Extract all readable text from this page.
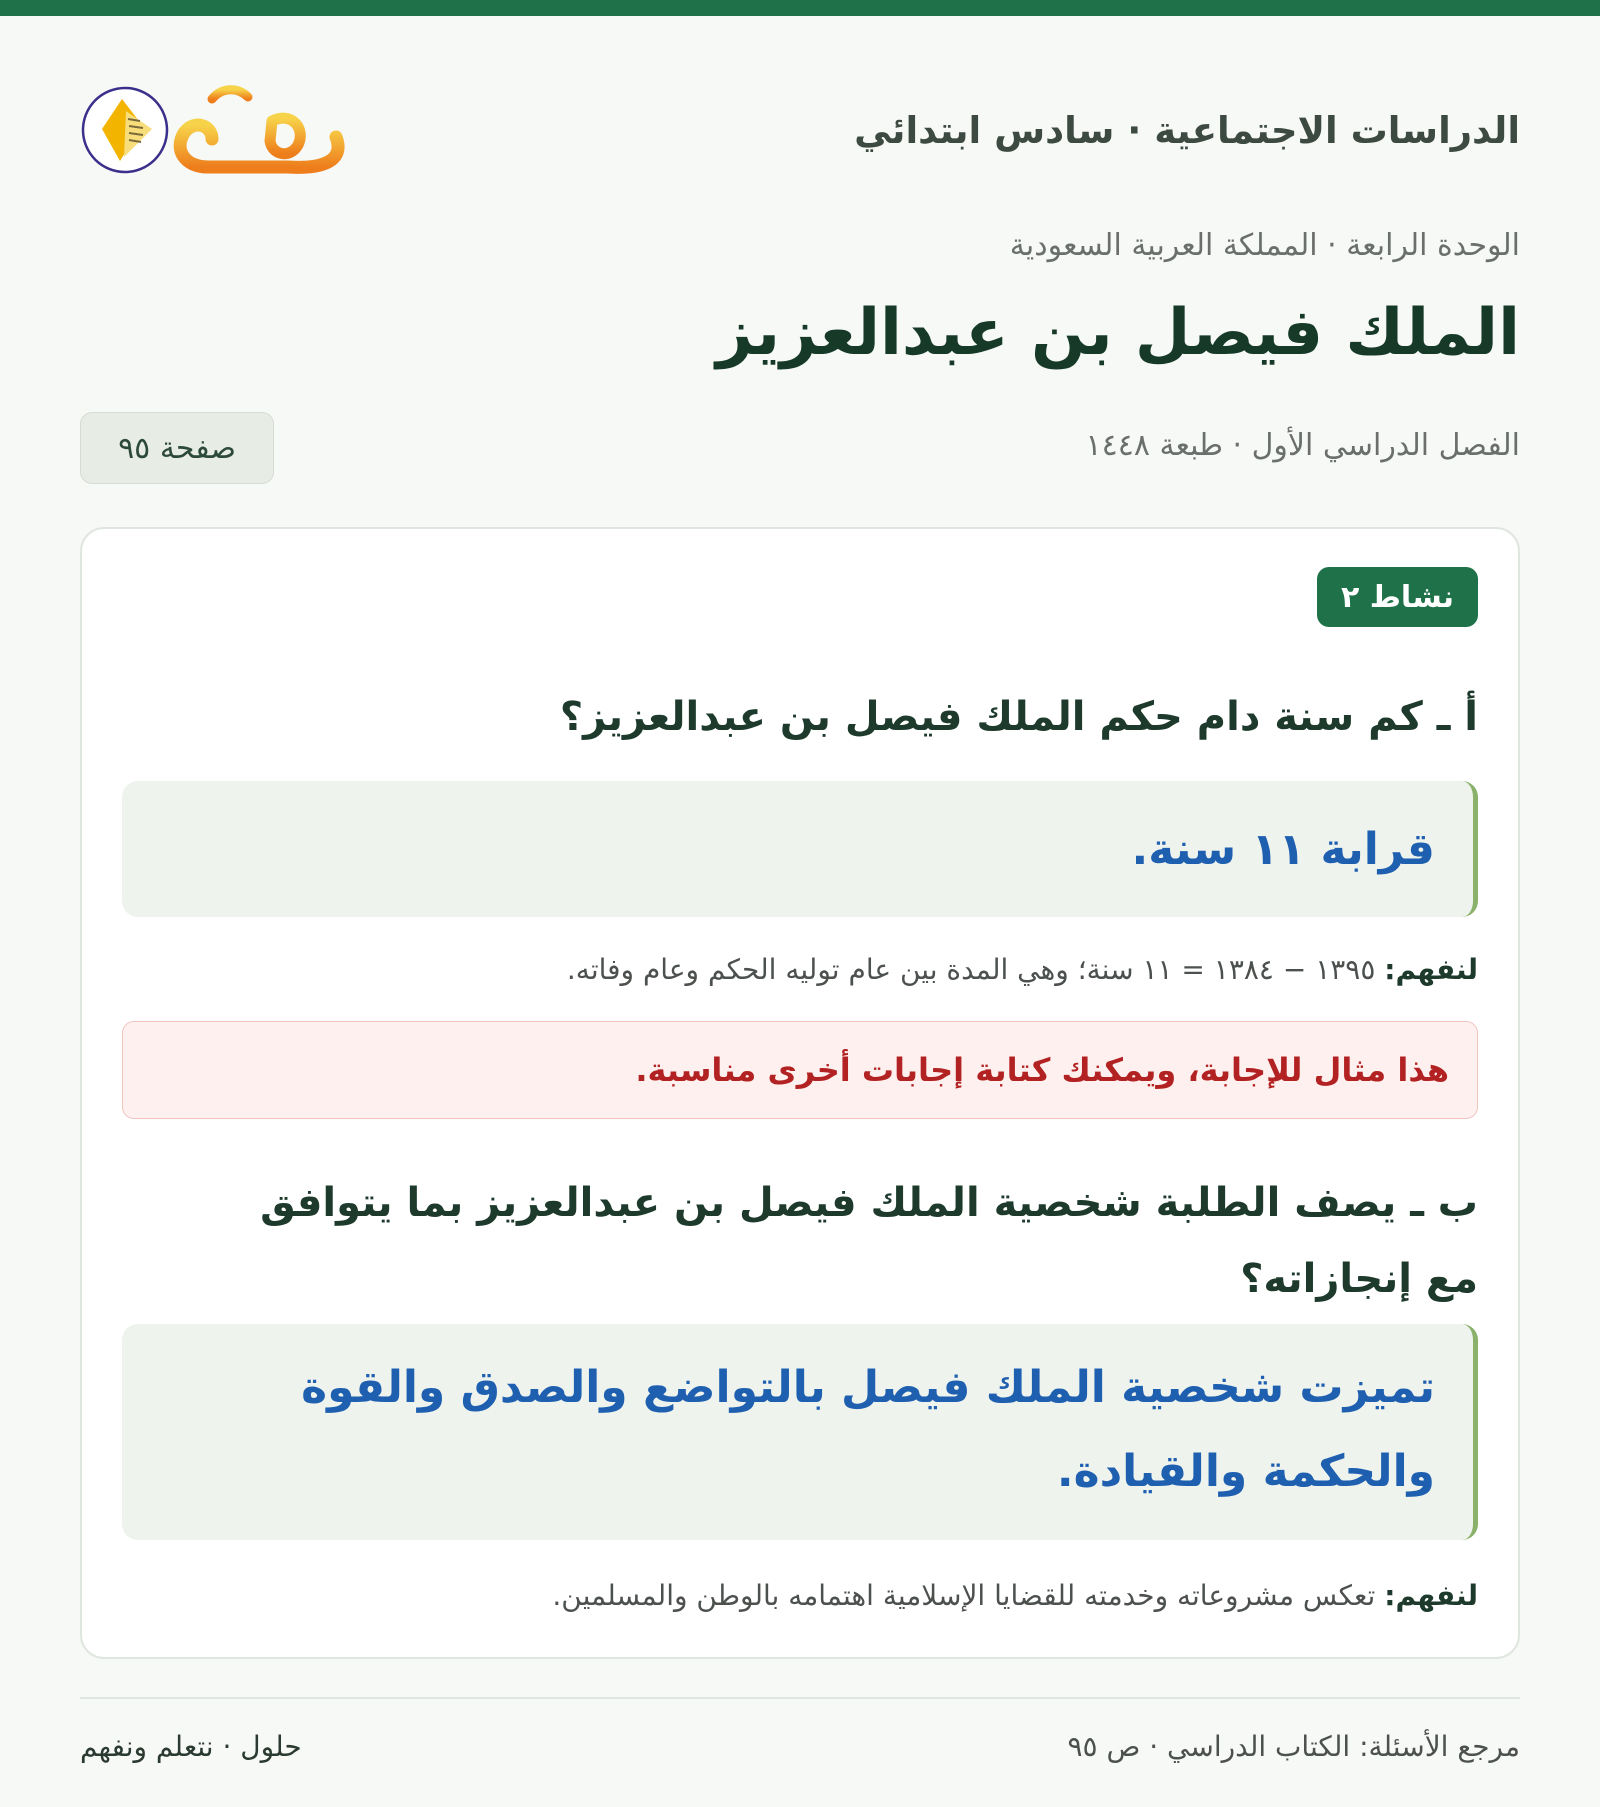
الدراسات الاجتماعية · سادس ابتدائي
الوحدة الرابعة · المملكة العربية السعودية
الملك فيصل بن عبدالعزيز
الفصل الدراسي الأول · طبعة ١٤٤٨
صفحة ٩٥
نشاط ٢
أ ـ كم سنة دام حكم الملك فيصل بن عبدالعزيز؟
قرابة ١١ سنة.
لنفهم: ١٣٩٥ − ١٣٨٤ = ١١ سنة؛ وهي المدة بين عام توليه الحكم وعام وفاته.
هذا مثال للإجابة، ويمكنك كتابة إجابات أخرى مناسبة.
ب ـ يصف الطلبة شخصية الملك فيصل بن عبدالعزيز بما يتوافق مع إنجازاته؟
تميزت شخصية الملك فيصل بالتواضع والصدق والقوة والحكمة والقيادة.
لنفهم: تعكس مشروعاته وخدمته للقضايا الإسلامية اهتمامه بالوطن والمسلمين.
مرجع الأسئلة: الكتاب الدراسي · ص ٩٥
حلول · نتعلم ونفهم
